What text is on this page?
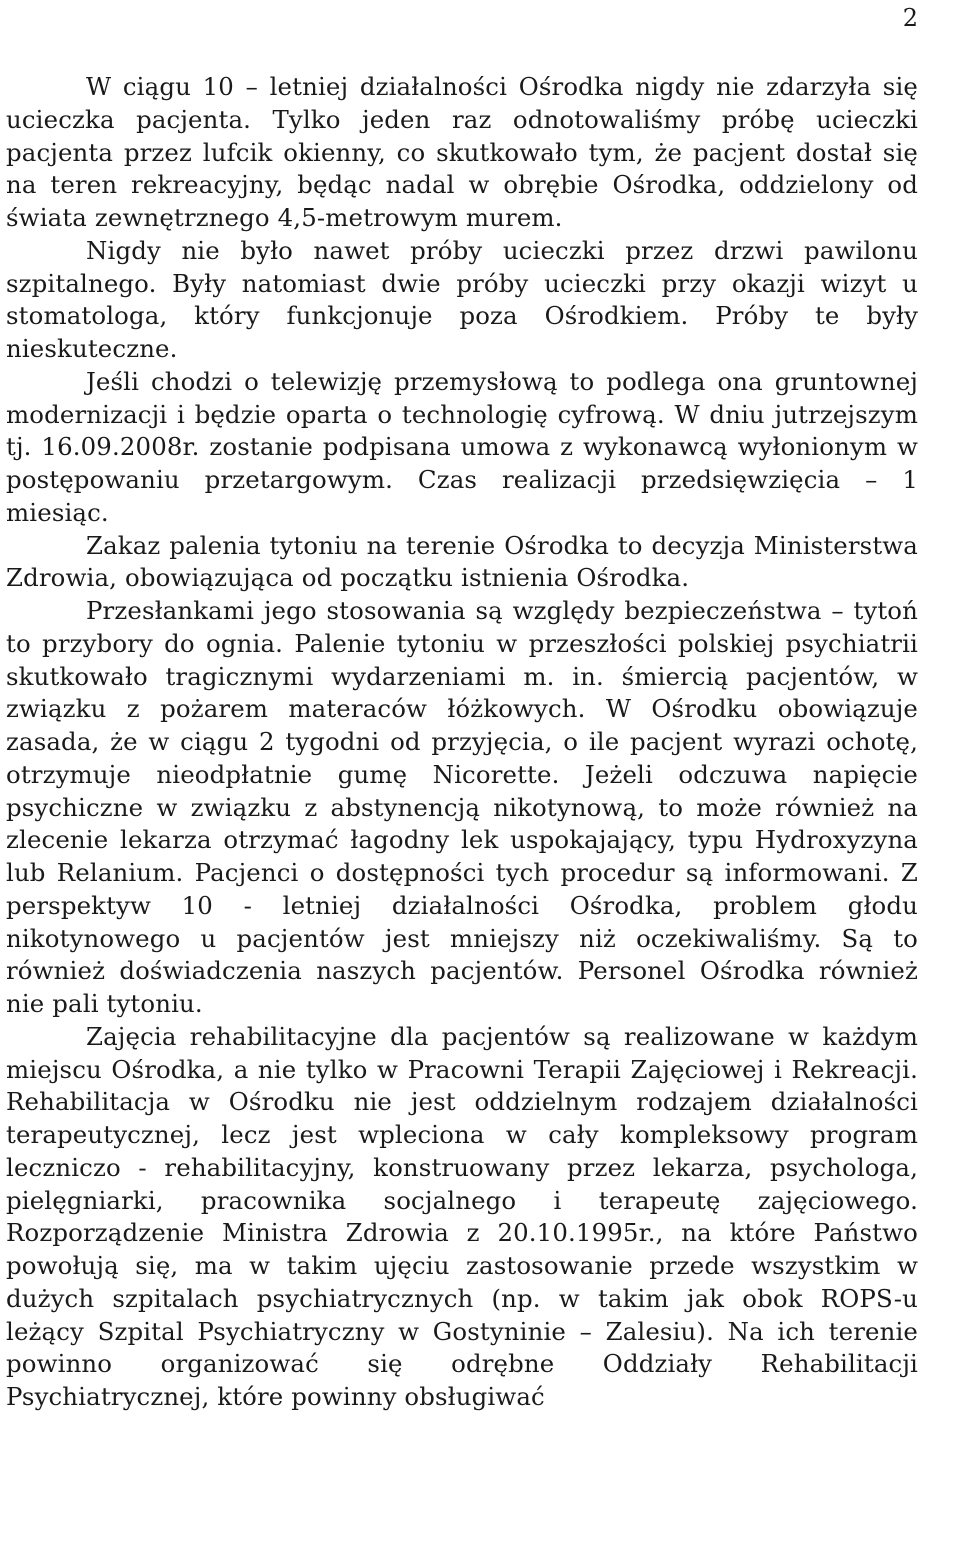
2

W ciągu 10 – letniej działalności Ośrodka nigdy nie zdarzyła się ucieczka pacjenta. Tylko jeden raz odnotowaliśmy próbę ucieczki pacjenta przez lufcik okienny, co skutkowało tym, że pacjent dostał się na teren rekreacyjny, będąc nadal w obrębie Ośrodka, oddzielony od świata zewnętrznego 4,5-metrowym murem.

Nigdy nie było nawet próby ucieczki przez drzwi pawilonu szpitalnego. Były natomiast dwie próby ucieczki przy okazji wizyt u stomatologa, który funkcjonuje poza Ośrodkiem. Próby te były nieskuteczne.

Jeśli chodzi o telewizję przemysłową to podlega ona gruntownej modernizacji i będzie oparta o technologię cyfrową. W dniu jutrzejszym tj. 16.09.2008r. zostanie podpisana umowa z wykonawcą wyłonionym w postępowaniu przetargowym. Czas realizacji przedsięwzięcia – 1 miesiąc.

Zakaz palenia tytoniu na terenie Ośrodka to decyzja Ministerstwa Zdrowia, obowiązująca od początku istnienia Ośrodka.

Przesłankami jego stosowania są względy bezpieczeństwa – tytoń to przybory do ognia. Palenie tytoniu w przeszłości polskiej psychiatrii skutkowało tragicznymi wydarzeniami m. in. śmiercią pacjentów, w związku z pożarem materaców łóżkowych. W Ośrodku obowiązuje zasada, że w ciągu 2 tygodni od przyjęcia, o ile pacjent wyrazi ochotę, otrzymuje nieodpłatnie gumę Nicorette. Jeżeli odczuwa napięcie psychiczne w związku z abstynencją nikotynową, to może również na zlecenie lekarza otrzymać łagodny lek uspokajający, typu Hydroxyzyna lub Relanium. Pacjenci o dostępności tych procedur są informowani. Z perspektyw 10 - letniej działalności Ośrodka, problem głodu nikotynowego u pacjentów jest mniejszy niż oczekiwaliśmy. Są to również doświadczenia naszych pacjentów. Personel Ośrodka również nie pali tytoniu.

Zajęcia rehabilitacyjne dla pacjentów są realizowane w każdym miejscu Ośrodka, a nie tylko w Pracowni Terapii Zajęciowej i Rekreacji. Rehabilitacja w Ośrodku nie jest oddzielnym rodzajem działalności terapeutycznej, lecz jest wpleciona w cały kompleksowy program leczniczo - rehabilitacyjny, konstruowany przez lekarza, psychologa, pielęgniarki, pracownika socjalnego i terapeutę zajęciowego. Rozporządzenie Ministra Zdrowia z 20.10.1995r., na które Państwo powołują się, ma w takim ujęciu zastosowanie przede wszystkim w dużych szpitalach psychiatrycznych (np. w takim jak obok ROPS-u leżący Szpital Psychiatryczny w Gostyninie – Zalesiu). Na ich terenie powinno organizować się odrębne Oddziały Rehabilitacji Psychiatrycznej, które powinny obsługiwać
